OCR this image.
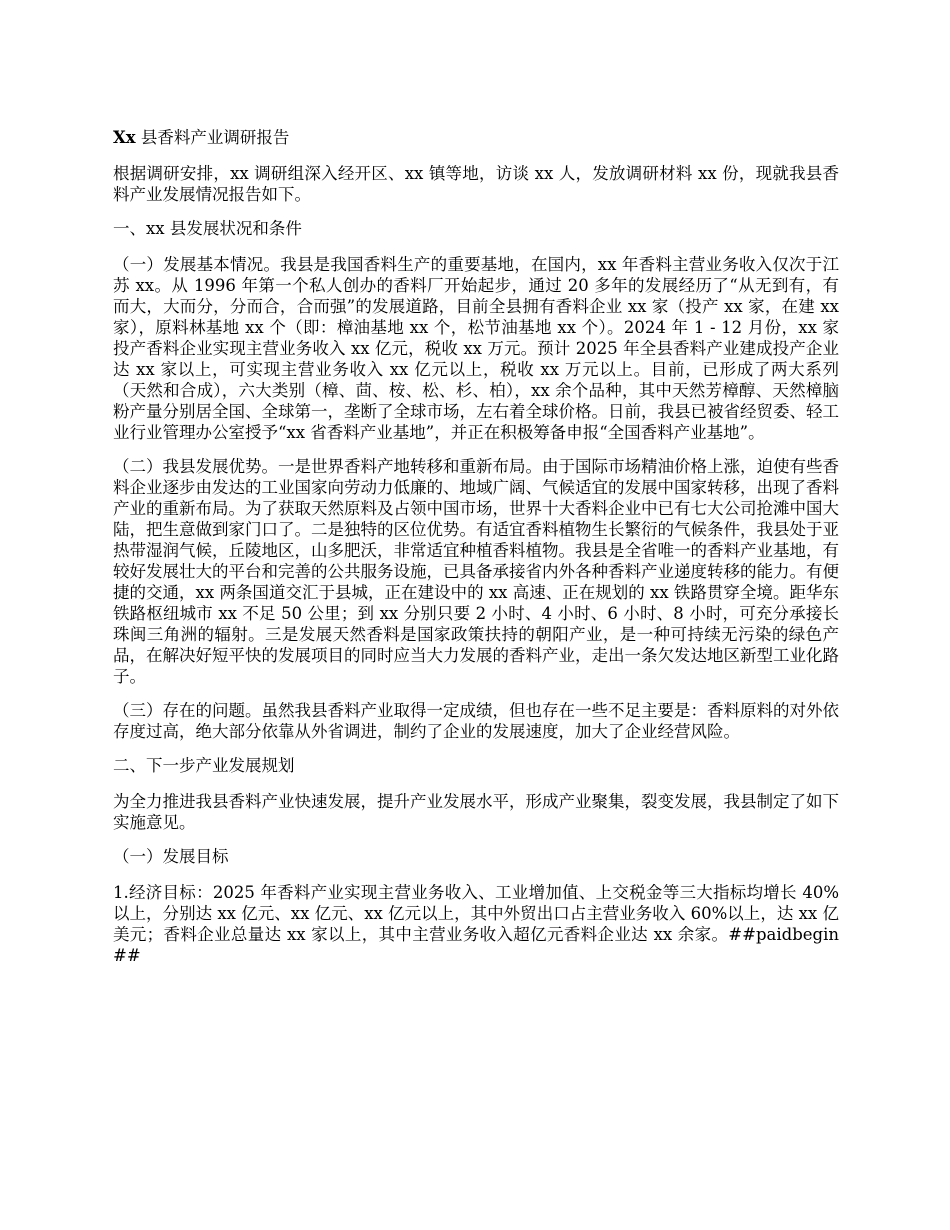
Xx 县香料产业调研报告

根据调研安排，xx 调研组深入经开区、xx 镇等地，访谈 xx 人，发放调研材料 xx 份，现就我县香料产业发展情况报告如下。

一、xx 县发展状况和条件

（一）发展基本情况。我县是我国香料生产的重要基地，在国内，xx 年香料主营业务收入仅次于江苏 xx。从 1996 年第一个私人创办的香料厂开始起步，通过 20 多年的发展经历了“从无到有，有而大，大而分，分而合，合而强”的发展道路，目前全县拥有香料企业 xx 家（投产 xx 家，在建 xx 家），原料林基地 xx 个（即：樟油基地 xx 个，松节油基地 xx 个）。2024 年 1 - 12 月份，xx 家投产香料企业实现主营业务收入 xx 亿元，税收 xx 万元。预计 2025 年全县香料产业建成投产企业达 xx 家以上，可实现主营业务收入 xx 亿元以上，税收 xx 万元以上。目前，已形成了两大系列（天然和合成），六大类别（樟、茴、桉、松、杉、柏），xx 余个品种，其中天然芳樟醇、天然樟脑粉产量分别居全国、全球第一，垄断了全球市场，左右着全球价格。日前，我县已被省经贸委、轻工业行业管理办公室授予“xx 省香料产业基地”，并正在积极筹备申报“全国香料产业基地”。

（二）我县发展优势。一是世界香料产地转移和重新布局。由于国际市场精油价格上涨，迫使有些香料企业逐步由发达的工业国家向劳动力低廉的、地域广阔、气候适宜的发展中国家转移，出现了香料产业的重新布局。为了获取天然原料及占领中国市场，世界十大香料企业中已有七大公司抢滩中国大陆，把生意做到家门口了。二是独特的区位优势。有适宜香料植物生长繁衍的气候条件，我县处于亚热带湿润气候，丘陵地区，山多肥沃，非常适宜种植香料植物。我县是全省唯一的香料产业基地，有较好发展壮大的平台和完善的公共服务设施，已具备承接省内外各种香料产业递度转移的能力。有便捷的交通，xx 两条国道交汇于县城，正在建设中的 xx 高速、正在规划的 xx 铁路贯穿全境。距华东铁路枢纽城市 xx 不足 50 公里；到 xx 分别只要 2 小时、4 小时、6 小时、8 小时，可充分承接长珠闽三角洲的辐射。三是发展天然香料是国家政策扶持的朝阳产业，是一种可持续无污染的绿色产品，在解决好短平快的发展项目的同时应当大力发展的香料产业，走出一条欠发达地区新型工业化路子。

（三）存在的问题。虽然我县香料产业取得一定成绩，但也存在一些不足主要是：香料原料的对外依存度过高，绝大部分依靠从外省调进，制约了企业的发展速度，加大了企业经营风险。

二、下一步产业发展规划

为全力推进我县香料产业快速发展，提升产业发展水平，形成产业聚集，裂变发展，我县制定了如下实施意见。

（一）发展目标

1.经济目标：2025 年香料产业实现主营业务收入、工业增加值、上交税金等三大指标均增长 40%以上，分别达 xx 亿元、xx 亿元、xx 亿元以上，其中外贸出口占主营业务收入 60%以上，达 xx 亿美元；香料企业总量达 xx 家以上，其中主营业务收入超亿元香料企业达 xx 余家。##paidbegin##
